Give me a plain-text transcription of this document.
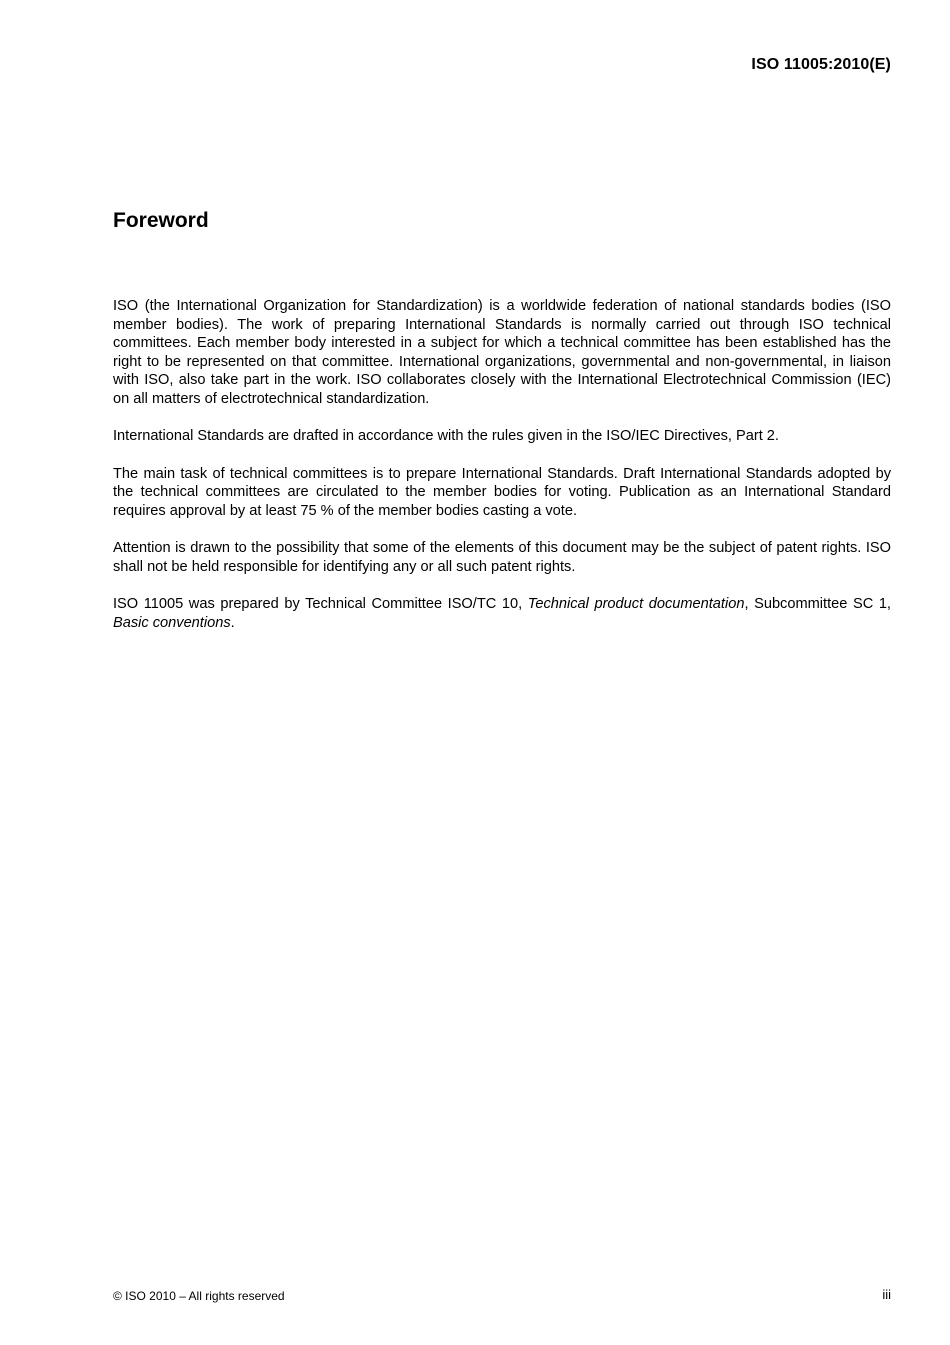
ISO 11005:2010(E)
Foreword

ISO (the International Organization for Standardization) is a worldwide federation of national standards bodies (ISO member bodies). The work of preparing International Standards is normally carried out through ISO technical committees. Each member body interested in a subject for which a technical committee has been established has the right to be represented on that committee. International organizations, governmental and non-governmental, in liaison with ISO, also take part in the work. ISO collaborates closely with the International Electrotechnical Commission (IEC) on all matters of electrotechnical standardization.

International Standards are drafted in accordance with the rules given in the ISO/IEC Directives, Part 2.

The main task of technical committees is to prepare International Standards. Draft International Standards adopted by the technical committees are circulated to the member bodies for voting. Publication as an International Standard requires approval by at least 75 % of the member bodies casting a vote.

Attention is drawn to the possibility that some of the elements of this document may be the subject of patent rights. ISO shall not be held responsible for identifying any or all such patent rights.

ISO 11005 was prepared by Technical Committee ISO/TC 10, Technical product documentation, Subcommittee SC 1, Basic conventions.

© ISO 2010 – All rights reserved	iii
